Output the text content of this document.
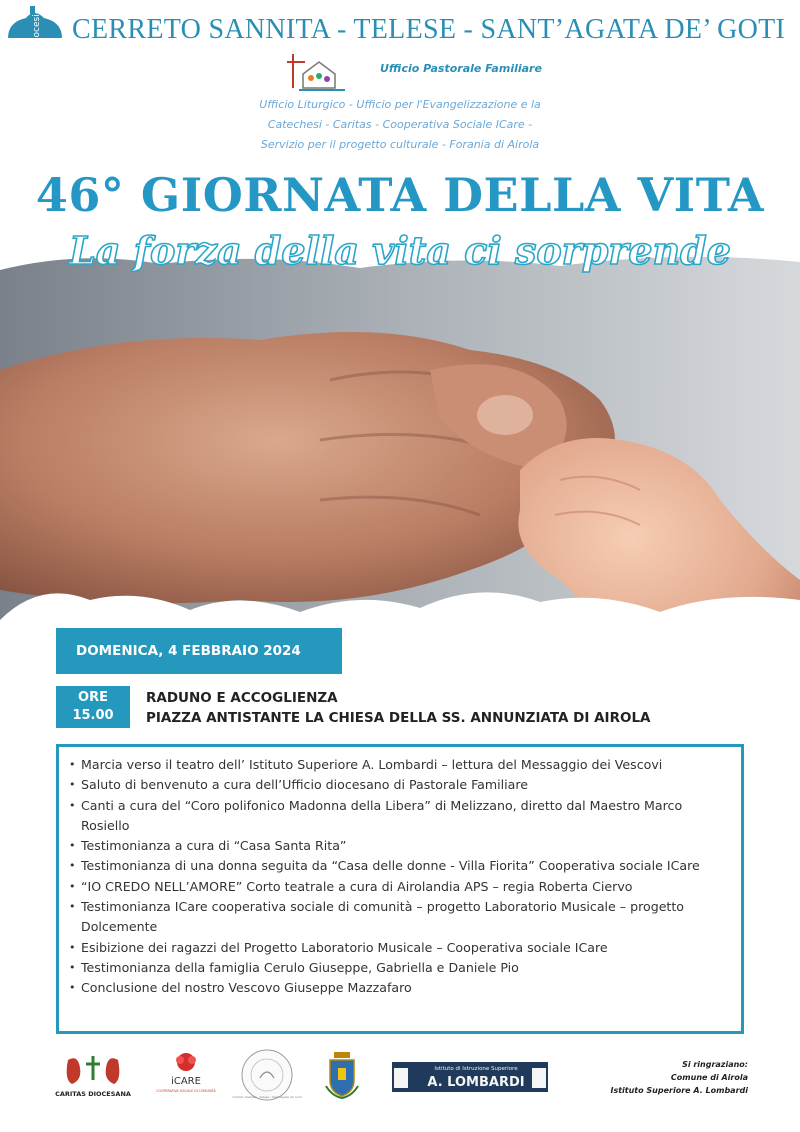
diocesi CERRETO SANNITA - TELESE - SANT’AGATA DE’ GOTI
Ufficio Pastorale Familiare
Ufficio Liturgico - Ufficio per l'Evangelizzazione e la
Catechesi - Caritas - Cooperativa Sociale ICare -
Servizio per il progetto culturale - Forania di Airola
46° GIORNATA DELLA VITA
La forza della vita ci sorprende
DOMENICA, 4 FEBBRAIO 2024
ORE
15.00
RADUNO E ACCOGLIENZA
PIAZZA ANTISTANTE LA CHIESA DELLA SS. ANNUNZIATA DI AIROLA
• Marcia verso il teatro dell’ Istituto Superiore A. Lombardi – lettura del Messaggio dei Vescovi
• Saluto di benvenuto a cura dell’Ufficio diocesano di Pastorale Familiare
• Canti a cura del “Coro polifonico Madonna della Libera” di Melizzano, diretto dal Maestro Marco Rosiello
• Testimonianza a cura di “Casa Santa Rita”
• Testimonianza di una donna seguita da “Casa delle donne - Villa Fiorita” Cooperativa sociale ICare
• “IO CREDO NELL’AMORE” Corto teatrale a cura di Airolandia APS – regia Roberta Ciervo
• Testimonianza ICare cooperativa sociale di comunità – progetto Laboratorio Musicale – progetto Dolcemente
• Esibizione dei ragazzi del Progetto Laboratorio Musicale – Cooperativa sociale ICare
• Testimonianza della famiglia Cerulo Giuseppe, Gabriella e Daniele Pio
• Conclusione del nostro Vescovo Giuseppe Mazzafaro
CARITAS DIOCESANA
iCARE
COOPERATIVA SOCIALE DI COMUNITÀ
Cerreto Sannita - Telese - Sant'Agata de' Goti
Istituto di Istruzione Superiore
A. LOMBARDI
Si ringraziano:
Comune di Airola
Istituto Superiore A. Lombardi
